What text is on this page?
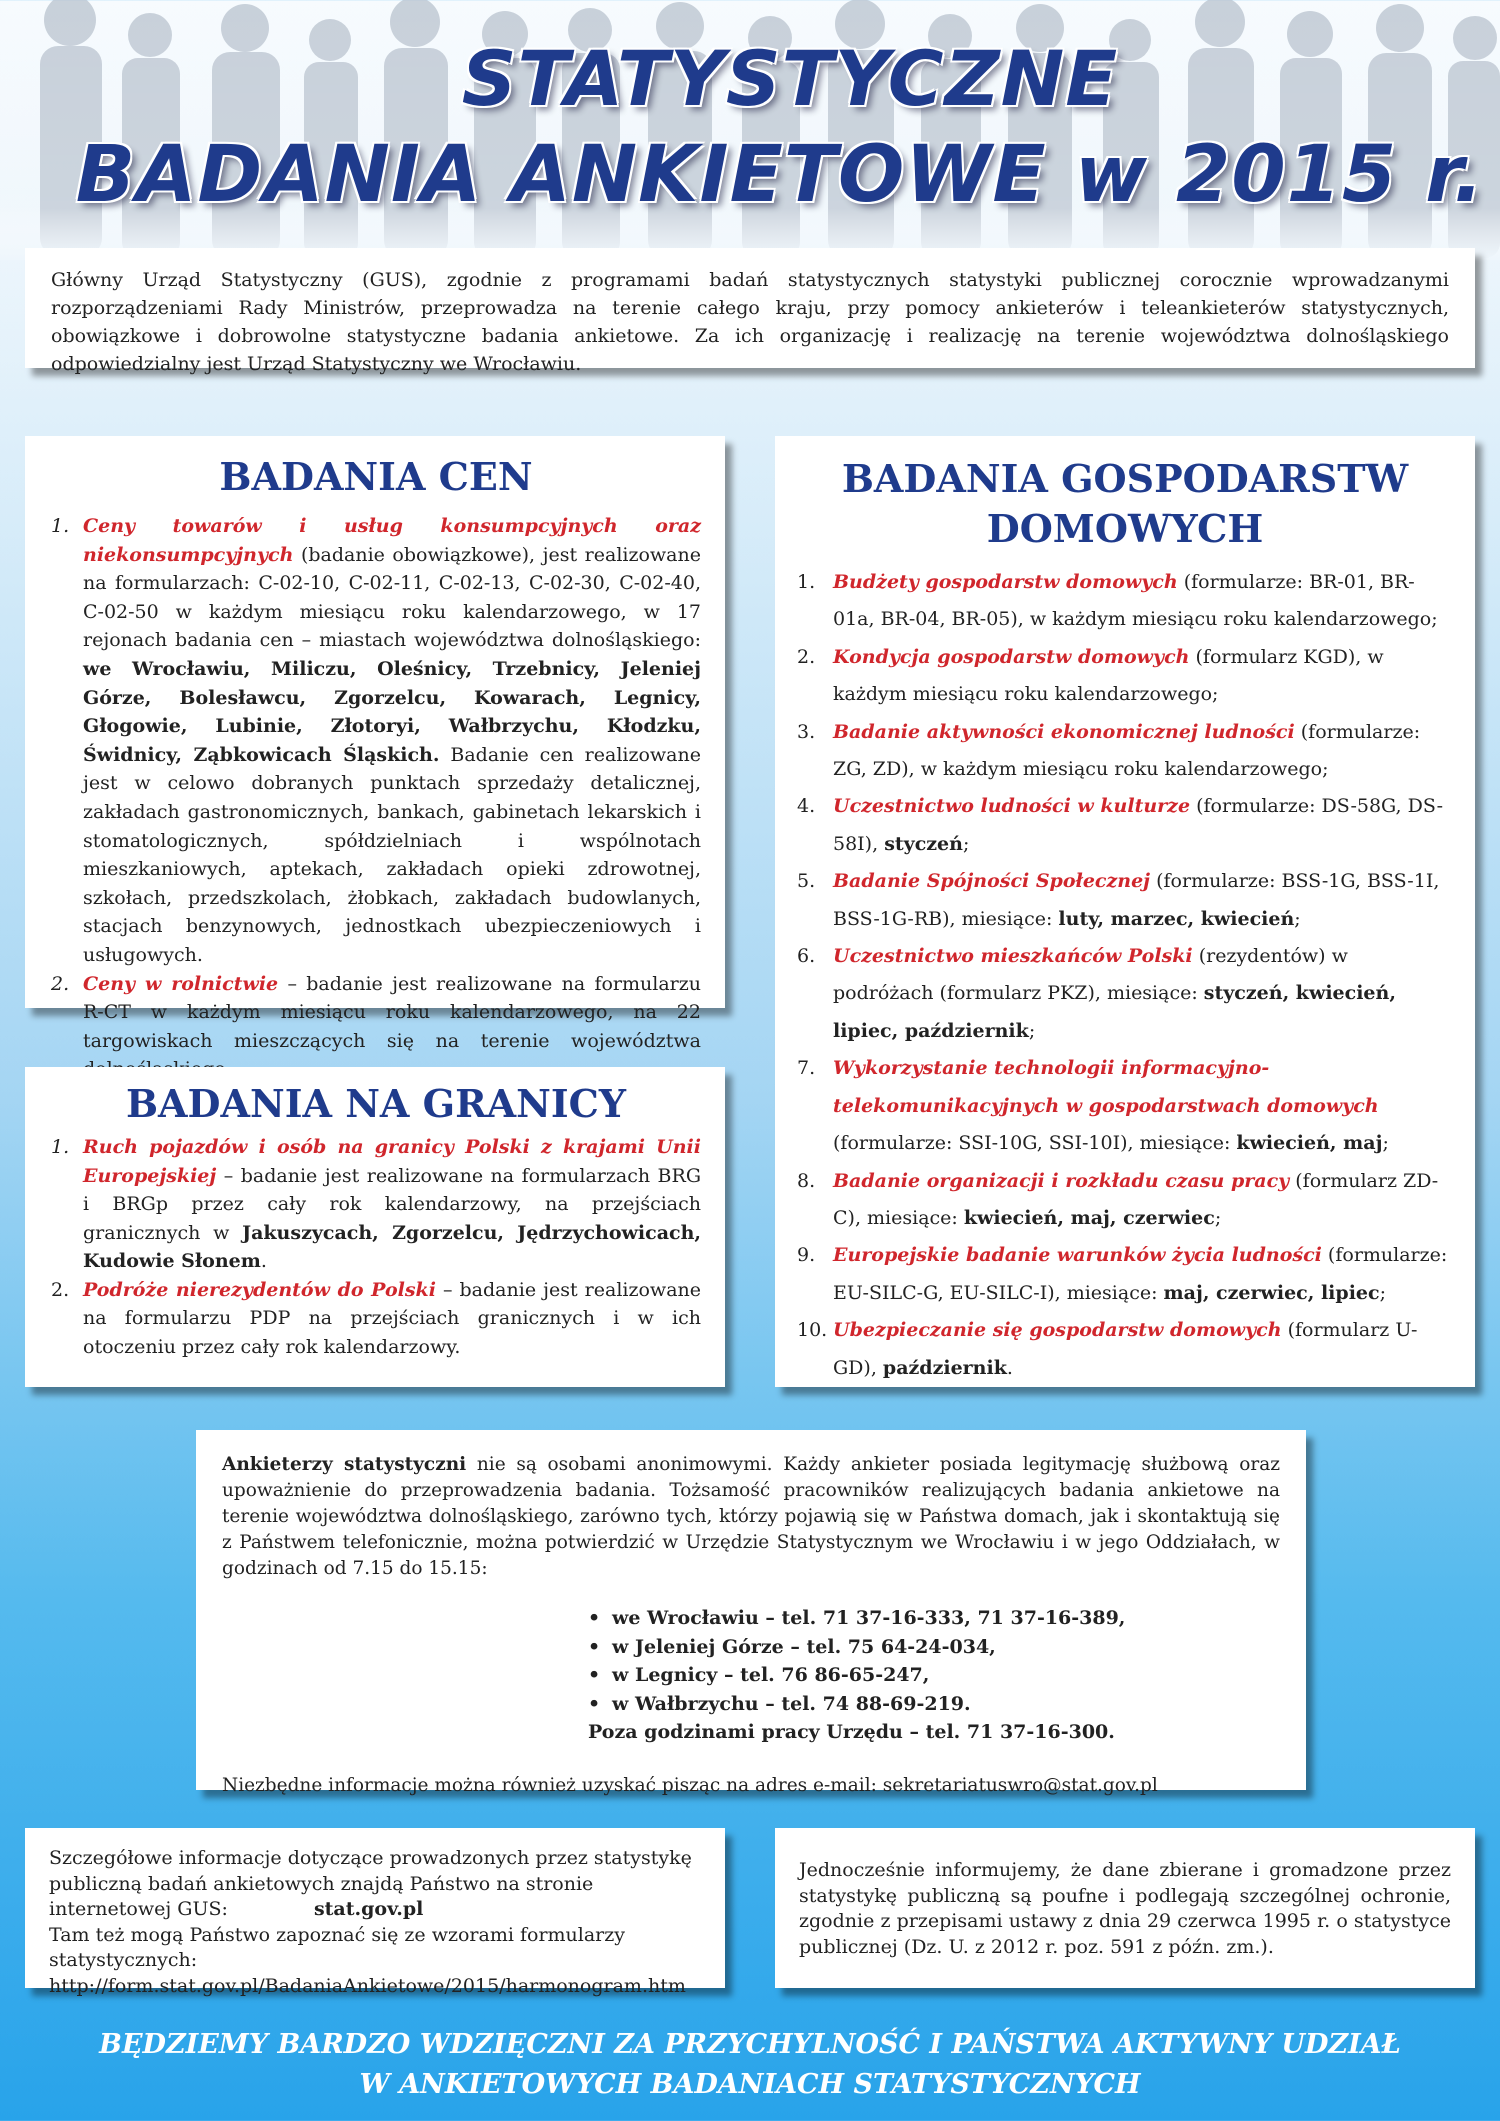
STATYSTYCZNE
BADANIA ANKIETOWE w 2015 r.
Główny Urząd Statystyczny (GUS), zgodnie z programami badań statystycznych statystyki publicznej corocznie wprowadzanymi rozporządzeniami Rady Ministrów, przeprowadza na terenie całego kraju, przy pomocy ankieterów i teleankieterów statystycznych, obowiązkowe i dobrowolne statystyczne badania ankietowe. Za ich organizację i realizację na terenie województwa dolnośląskiego odpowiedzialny jest Urząd Statystyczny we Wrocławiu.
BADANIA CEN
1. Ceny towarów i usług konsumpcyjnych oraz niekonsumpcyjnych (badanie obowiązkowe), jest realizowane na formularzach: C-02-10, C-02-11, C-02-13, C-02-30, C-02-40, C-02-50 w każdym miesiącu roku kalendarzowego, w 17 rejonach badania cen – miastach województwa dolnośląskiego: we Wrocławiu, Miliczu, Oleśnicy, Trzebnicy, Jeleniej Górze, Bolesławcu, Zgorzelcu, Kowarach, Legnicy, Głogowie, Lubinie, Złotoryi, Wałbrzychu, Kłodzku, Świdnicy, Ząbkowicach Śląskich. Badanie cen realizowane jest w celowo dobranych punktach sprzedaży detalicznej, zakładach gastronomicznych, bankach, gabinetach lekarskich i stomatologicznych, spółdzielniach i wspólnotach mieszkaniowych, aptekach, zakładach opieki zdrowotnej, szkołach, przedszkolach, żłobkach, zakładach budowlanych, stacjach benzynowych, jednostkach ubezpieczeniowych i usługowych.
2. Ceny w rolnictwie – badanie jest realizowane na formularzu R-CT w każdym miesiącu roku kalendarzowego, na 22 targowiskach mieszczących się na terenie województwa
BADANIA NA GRANICY
1. Ruch pojazdów i osób na granicy Polski z krajami Unii Europejskiej – badanie jest realizowane na formularzach BRG i BRGp przez cały rok kalendarzowy, na przejściach granicznych w Jakuszycach, Zgorzelcu, Jędrzychowicach, Kudowie Słonem.
2. Podróże nierezydentów do Polski – badanie jest realizowane na formularzu PDP na przejściach granicznych i w ich otoczeniu przez cały rok kalendarzowy.
BADANIA GOSPODARSTW DOMOWYCH
1. Budżety gospodarstw domowych (formularze: BR-01, BR-01a, BR-04, BR-05), w każdym miesiącu roku kalendarzowego;
2. Kondycja gospodarstw domowych (formularz KGD), w każdym miesiącu roku kalendarzowego;
3. Badanie aktywności ekonomicznej ludności (formularze: ZG, ZD), w każdym miesiącu roku kalendarzowego;
4. Uczestnictwo ludności w kulturze (formularze: DS-58G, DS-58I), styczeń;
5. Badanie Spójności Społecznej (formularze: BSS-1G, BSS-1I, BSS-1G-RB), miesiące: luty, marzec, kwiecień;
6. Uczestnictwo mieszkańców Polski (rezydentów) w podróżach (formularz PKZ), miesiące: styczeń, kwiecień, lipiec, październik;
7. Wykorzystanie technologii informacyjno-telekomunikacyjnych w gospodarstwach domowych (formularze: SSI-10G, SSI-10I), miesiące: kwiecień, maj;
8. Badanie organizacji i rozkładu czasu pracy (formularz ZD-C), miesiące: kwiecień, maj, czerwiec;
9. Europejskie badanie warunków życia ludności (formularze: EU-SILC-G, EU-SILC-I), miesiące: maj, czerwiec, lipiec;
10. Ubezpieczanie się gospodarstw domowych (formularz U-GD), październik.

Ankieterzy statystyczni nie są osobami anonimowymi. Każdy ankieter posiada legitymację służbową oraz upoważnienie do przeprowadzenia badania. Tożsamość pracowników realizujących badania ankietowe na terenie województwa dolnośląskiego, zarówno tych, którzy pojawią się w Państwa domach, jak i skontaktują się z Państwem telefonicznie, można potwierdzić w Urzędzie Statystycznym we Wrocławiu i w jego Oddziałach, w godzinach od 7.15 do 15.15:

• we Wrocławiu – tel. 71 37-16-333, 71 37-16-389,
• w Jeleniej Górze – tel. 75 64-24-034,
• w Legnicy – tel. 76 86-65-247,
• w Wałbrzychu – tel. 74 88-69-219.
Poza godzinami pracy Urzędu – tel. 71 37-16-300.

Niezbędne informacje można również uzyskać pisząc na adres e-mail: sekretariatuswro@stat.gov.pl

Szczegółowe informacje dotyczące prowadzonych przez statystykę publiczną badań ankietowych znajdą Państwo na stronie internetowej GUS:	stat.gov.pl
Tam też mogą Państwo zapoznać się ze wzorami formularzy statystycznych:
http://form.stat.gov.pl/BadaniaAnkietowe/2015/harmonogram.htm
Jednocześnie informujemy, że dane zbierane i gromadzone przez statystykę publiczną są poufne i podlegają szczególnej ochronie, zgodnie z przepisami ustawy z dnia 29 czerwca 1995 r. o statystyce publicznej (Dz. U. z 2012 r. poz. 591 z późn. zm.).
BĘDZIEMY BARDZO WDZIĘCZNI ZA PRZYCHYLNOŚĆ I PAŃSTWA AKTYWNY UDZIAŁ
W ANKIETOWYCH BADANIACH STATYSTYCZNYCH
